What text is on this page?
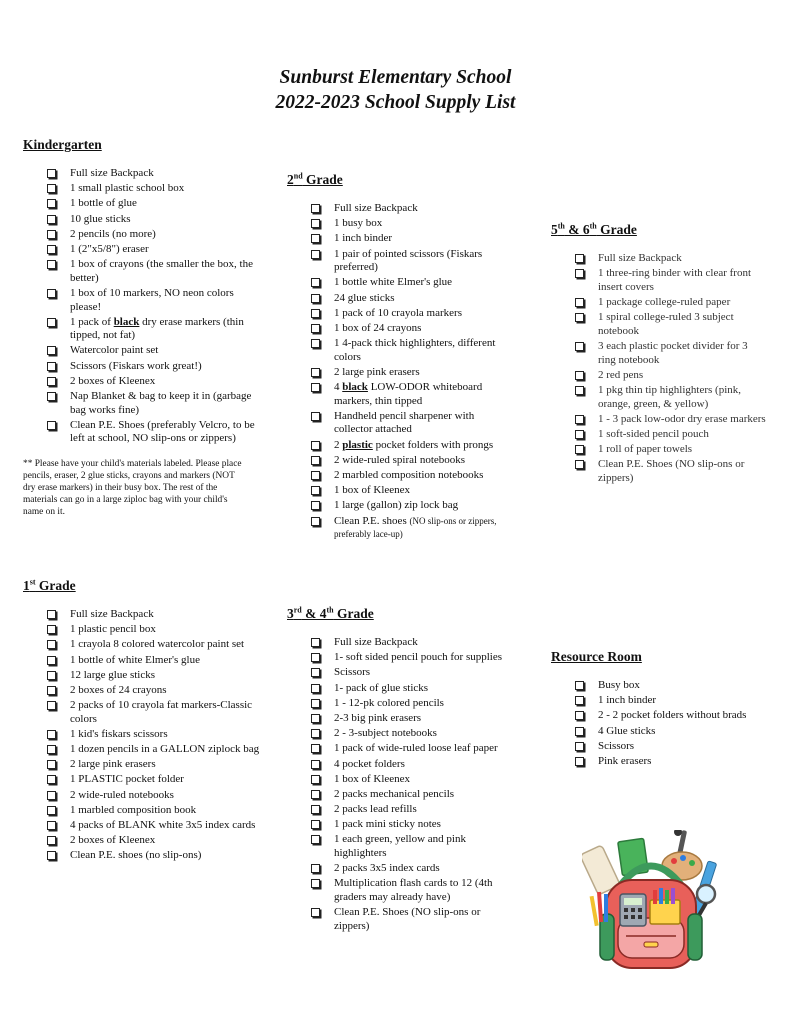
Sunburst Elementary School
2022-2023 School Supply List
Kindergarten
Full size Backpack
1 small plastic school box
1 bottle of glue
10 glue sticks
2 pencils (no more)
1 (2"x5/8") eraser
1 box of crayons (the smaller the box, the better)
1 box of 10 markers, NO neon colors please!
1 pack of black dry erase markers (thin tipped, not fat)
Watercolor paint set
Scissors (Fiskars work great!)
2 boxes of Kleenex
Nap Blanket & bag to keep it in (garbage bag works fine)
Clean P.E. Shoes (preferably Velcro, to be left at school, NO slip-ons or zippers)
** Please have your child's materials labeled. Please place pencils, eraser, 2 glue sticks, crayons and markers (NOT dry erase markers) in their busy box. The rest of the materials can go in a large ziploc bag with your child's name on it.
1st Grade
Full size Backpack
1 plastic pencil box
1 crayola 8 colored watercolor paint set
1 bottle of white Elmer's glue
12 large glue sticks
2 boxes of 24 crayons
2 packs of 10 crayola fat markers-Classic colors
1 kid's fiskars scissors
1 dozen pencils in a GALLON ziplock bag
2 large pink erasers
1 PLASTIC pocket folder
2 wide-ruled notebooks
1 marbled composition book
4 packs of BLANK white 3x5 index cards
2 boxes of Kleenex
Clean P.E. shoes (no slip-ons)
2nd Grade
Full size Backpack
1 busy box
1 inch binder
1 pair of pointed scissors (Fiskars preferred)
1 bottle white Elmer's glue
24 glue sticks
1 pack of 10 crayola markers
1 box of 24 crayons
1 4-pack thick highlighters, different colors
2 large pink erasers
4 black LOW-ODOR whiteboard markers, thin tipped
Handheld pencil sharpener with collector attached
2 plastic pocket folders with prongs
2 wide-ruled spiral notebooks
2 marbled composition notebooks
1 box of Kleenex
1 large (gallon) zip lock bag
Clean P.E. shoes (NO slip-ons or zippers, preferably lace-up)
3rd & 4th Grade
Full size Backpack
1- soft sided pencil pouch for supplies
Scissors
1- pack of glue sticks
1 - 12-pk colored pencils
2-3 big pink erasers
2 - 3-subject notebooks
1 pack of wide-ruled loose leaf paper
4 pocket folders
1 box of Kleenex
2 packs mechanical pencils
2 packs lead refills
1 pack mini sticky notes
1 each green, yellow and pink highlighters
2 packs 3x5 index cards
Multiplication flash cards to 12 (4th graders may already have)
Clean P.E. Shoes (NO slip-ons or zippers)
5th & 6th Grade
Full size Backpack
1 three-ring binder with clear front insert covers
1 package college-ruled paper
1 spiral college-ruled 3 subject notebook
3 each plastic pocket divider for 3 ring notebook
2 red pens
1 pkg thin tip highlighters (pink, orange, green, & yellow)
1 - 3 pack low-odor dry erase markers
1 soft-sided pencil pouch
1 roll of paper towels
Clean P.E. Shoes (NO slip-ons or zippers)
Resource Room
Busy box
1 inch binder
2 - 2 pocket folders without brads
4 Glue sticks
Scissors
Pink erasers
